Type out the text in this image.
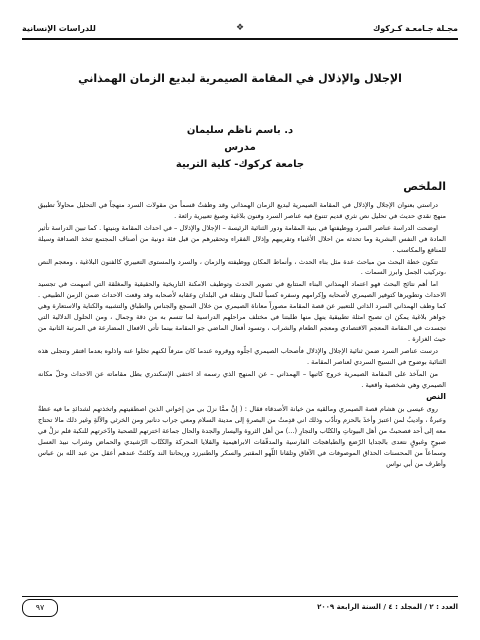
مجـلة جـامعـة كـركوك
❖
للدراسات الإنسانية
الإجلال والإذلال في المقامة الصيمرية لبديع الزمان الهمذاني
د. باسم ناظم سليمان
مدرس
جامعة كركوك- كلية التربية
الملخص

دراستي بعنوان الإجلال والإذلال في المقامة الصيمرية لبديع الزمان الهمذاني وقد وظفتُ قسماً من مقولات السرد منهجاً في التحليل محاولاً تطبيق منهج نقدي حديث في تحليل نص نثري قديم تتنوع فيه عناصر السرد وفنون بلاغية وصيغ تعبيرية رائعة .

اوضحت الدراسة عناصر السرد ووظيفتها في بنية المقامة ودور الثنائية الرئيسة – الإجلال والإذلال – في احداث المقامة وبنيتها . كما تبين الدراسة تأثير المادة في النفس البشرية وما تحدثه من احلال الأغنياء وتقريبهم وإذلال الفقراء وتحقيرهم من قبل فئة دونية من أصناف المجتمع تتخذ الصداقة وسيلة للمنافع والمكاسب .

تتكون خطة البحث من مباحث عدة مثل بناء الحدث ، وأنماط المكان ووظيفته والزمان ، والسرد والمستوى التعبيري كالفنون البلاغية ، ومعجم النص ،وتركيب الجمل وابرز السمات .

اما أهم نتائج البحث فهو اعتماد الهمذاني البناء المتتابع في تصوير الحدث وتوظيف الامكنة التاريخية والحقيقية والمغلقة التي اسهمت في تجسيد الاحداث وتطويرها كتوفير الصيمري لأصحابه وإكرامهم وسفره كسباً للمال وتنقله في البلدان وعقابه لأصحابه وقد وقعت الاحداث ضمن الزمن الطبيعي . كما وظف الهمذاني السرد الذاتي للتعبير عن قصة المقامة مصوراً معاناة الصيمري من خلال السجع والجناس والطباق والتشبيه والكناية والاستعارة وهي جواهر بلاغية يمكن ان تصبح امثلة تطبيقية ينهل منها طلبتنا في مختلف مراحلهم الدراسية لما تتسم به من دقة وجمال ، ومن الحلول الدلالية التي تجسدت في المقامة المعجم الاقتصادي ومعجم الطعام والشراب ، وتسود أفعال الماضي جو المقامة بينما تأتي الافعال المضارعة في المرتبة الثانية من حيث الغزارة .

درست عناصر السرد ضمن ثنائية الإجلال والإذلال فأصحاب الصيمري اجلّوه ووقروه عندما كان مترفاً لكنهم تخلوا عنه واذلوه بعدما افتقر وتتجلى هذه الثنائية بوضوح في النسيج السردي لعناصر المقامة .

من المآخذ على المقامة الصيمرية خروج كاتبها – الهمذاني – عن المنهج الذي رسمه اذ اختفى الإسكندري بطل مقاماته عن الاحداث وحلّ مكانه الصيمري وهي شخصية واقعية .

النص

روى عيسى بن هشام قصة الصيمري ومالقيه من خيانة الأصدقاء فقال : ( إنَّ ممَّا نزلَ بي من إخواني الذين اصطفيتهم واتخذتهم لشدائدِ ما فيه عظةٌ وعبرةٌ ، واديبُ لمن اعتبرَ وأخذَ بالحزم وتأدّب وذلك اني قدِمتُ من البصرةِ إلى مدينة السلام ومعي جراب دنانير ومن الخرثي والآلةِ وغير ذلك مالا تحتاج معه إلى أحد فصحبتُ من أهل البيوتاتِ والكتّاب والتجارِ (...) من أهل الثروة واليسار والجدة والحال جماعة اخترتهم للصحبة وادّخرتهم للنكبة فلم نزلْ في صبوحٍ وغبوقٍ نتعدى بالجدايا الرّضع والطباهجات الفارسية والمدقّقات الابراهيمية والقلايا المحركة والكتّاب الرّشيدي والحماض وشراب نبيذ العسل وسماعاً من المحسنات الحذاق الموصوفات في الآفاق وتلقانا اللّهو المقتبر والسكر والطنبرزد وريحانتا الند وكلثتّ عندهم أعقل من عبد الله بن عباس وأظرف من أبي نواس

العدد : ٢ / المجلد : ٤ / السنة الرابعة ٢٠٠٩
٩٧
